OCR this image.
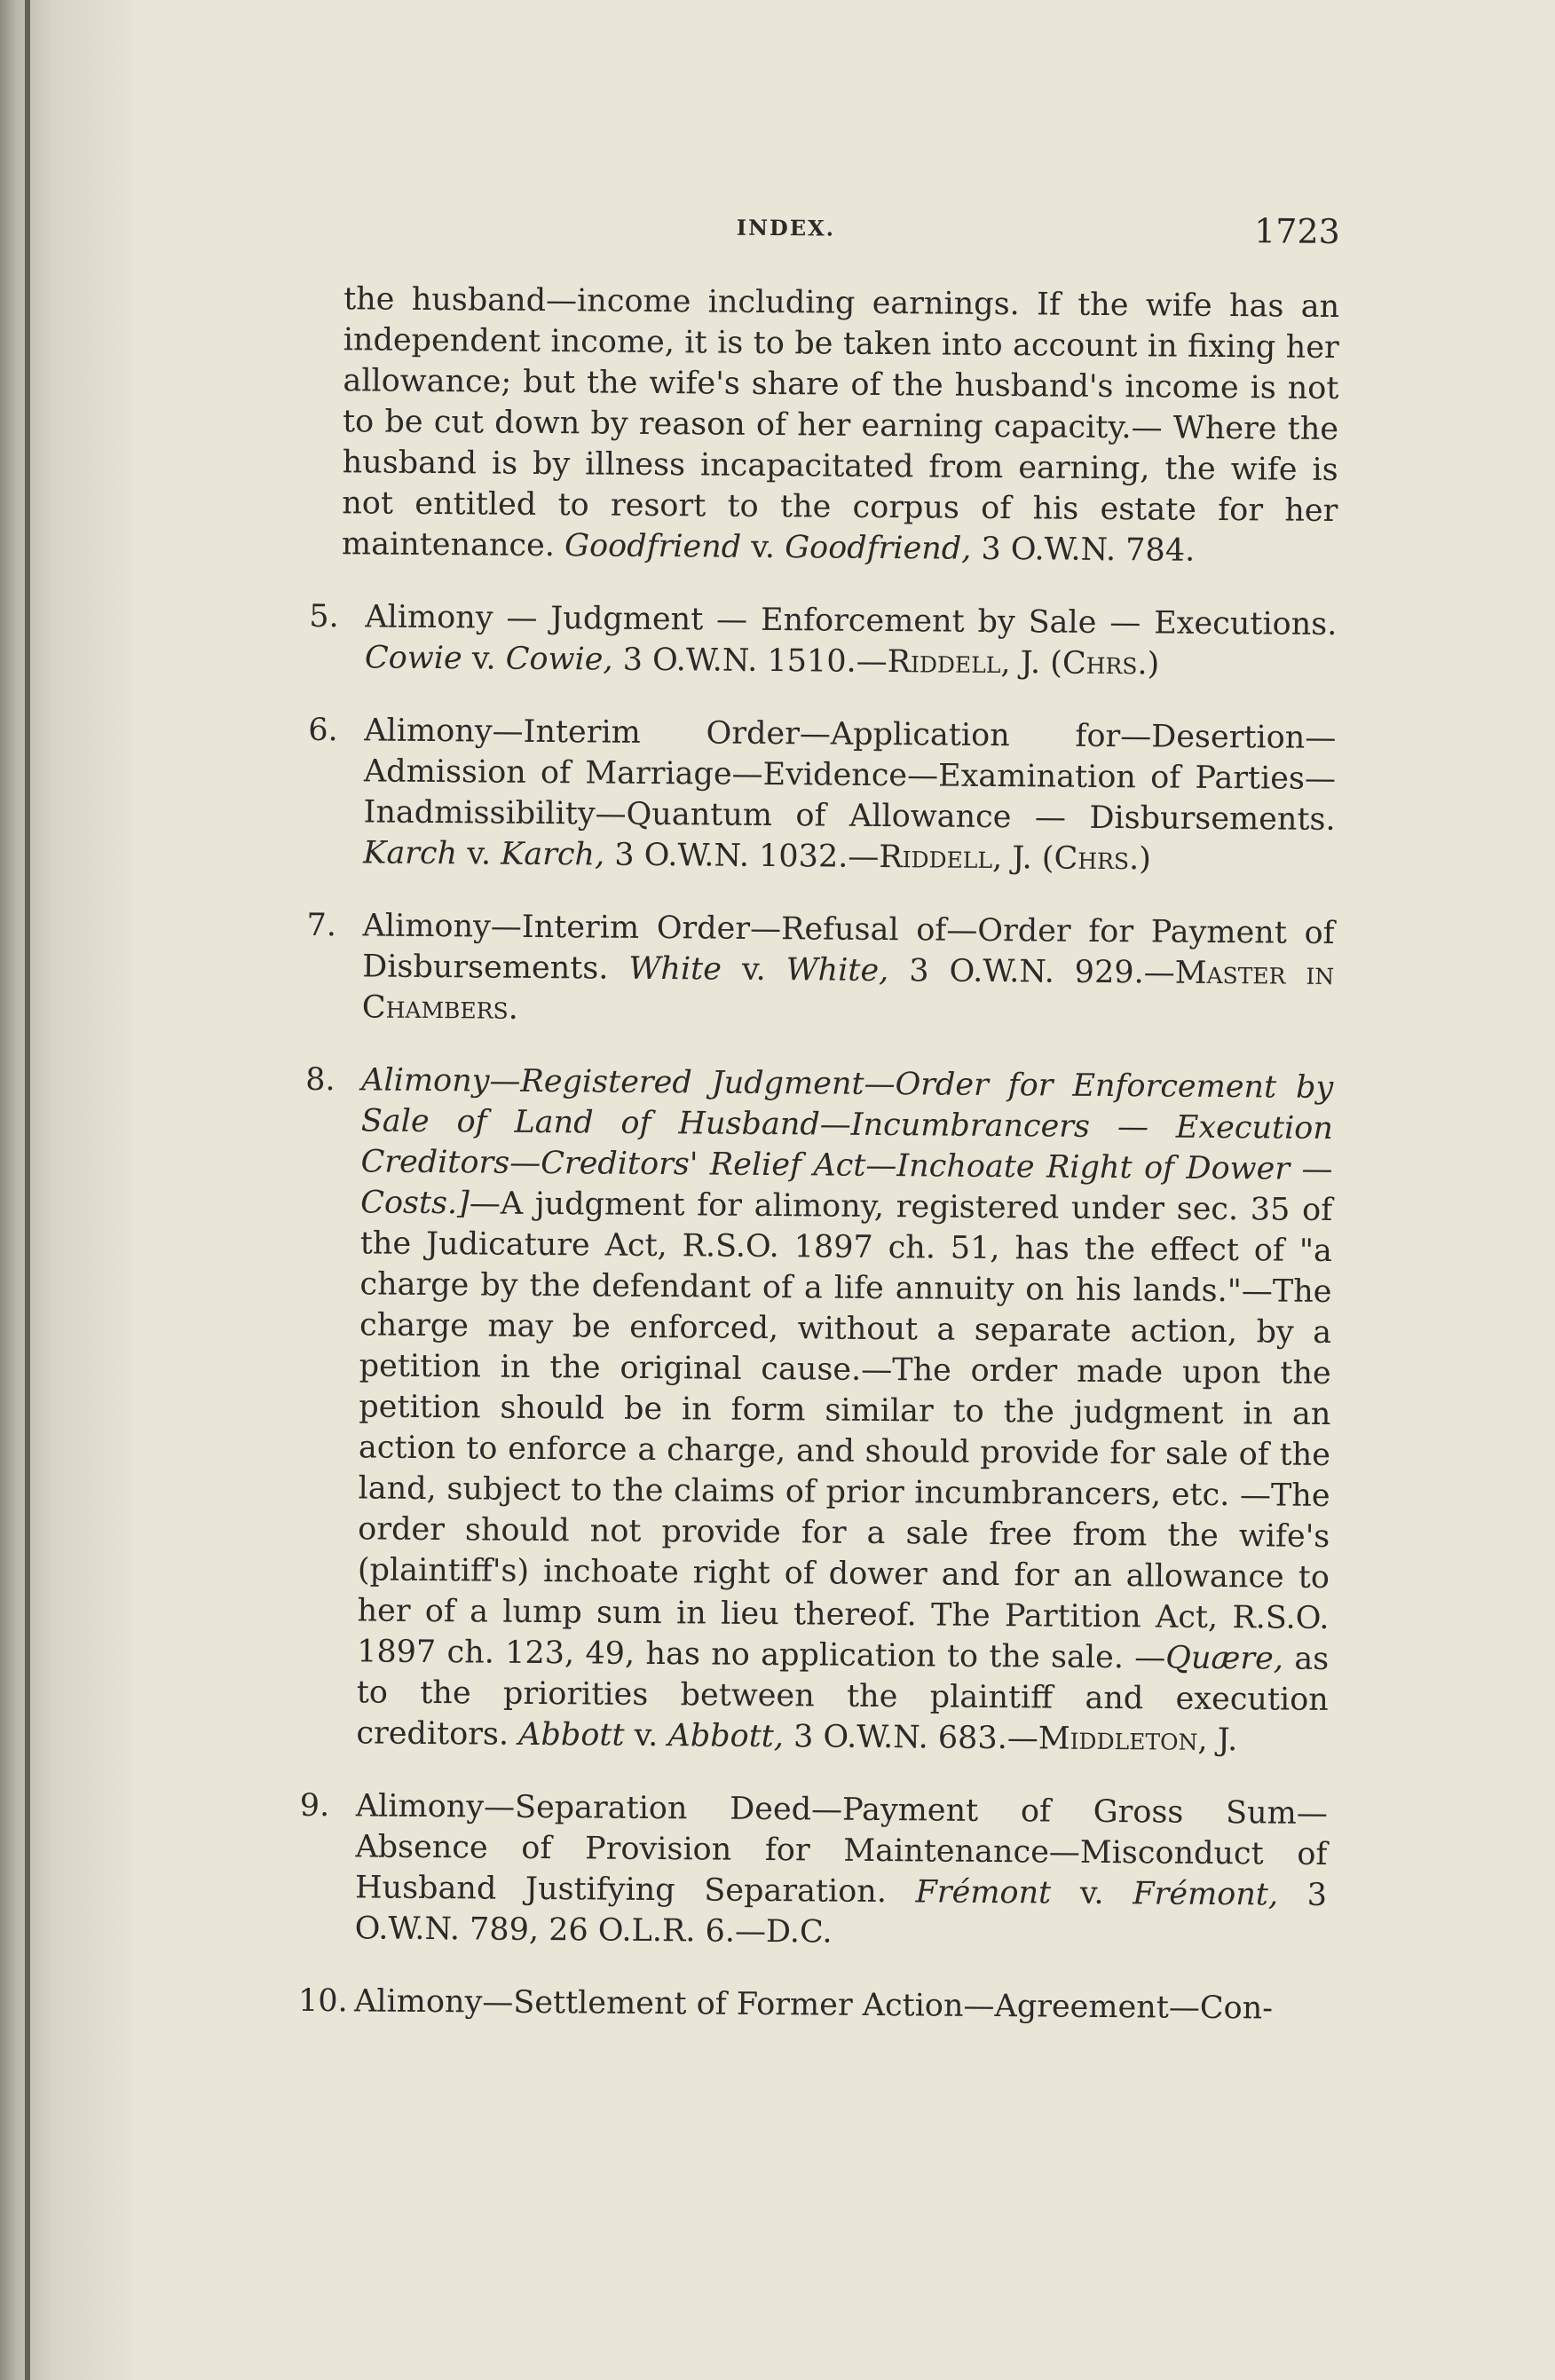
INDEX.	1723

the husband—income including earnings. If the wife has an independent income, it is to be taken into account in fixing her allowance; but the wife's share of the husband's income is not to be cut down by reason of her earning capacity.— Where the husband is by illness incapacitated from earning, the wife is not entitled to resort to the corpus of his estate for her maintenance. Goodfriend v. Goodfriend, 3 O.W.N. 784.

5. Alimony — Judgment — Enforcement by Sale — Executions. Cowie v. Cowie, 3 O.W.N. 1510.—Riddell, J. (Chrs.)

6. Alimony—Interim Order—Application for—Desertion—Admission of Marriage—Evidence—Examination of Parties—Inadmissibility—Quantum of Allowance — Disbursements. Karch v. Karch, 3 O.W.N. 1032.—Riddell, J. (Chrs.)

7. Alimony—Interim Order—Refusal of—Order for Payment of Disbursements. White v. White, 3 O.W.N. 929.—Master in Chambers.

8. Alimony—Registered Judgment—Order for Enforcement by Sale of Land of Husband—Incumbrancers — Execution Creditors—Creditors' Relief Act—Inchoate Right of Dower —Costs.]—A judgment for alimony, registered under sec. 35 of the Judicature Act, R.S.O. 1897 ch. 51, has the effect of "a charge by the defendant of a life annuity on his lands."—The charge may be enforced, without a separate action, by a petition in the original cause.—The order made upon the petition should be in form similar to the judgment in an action to enforce a charge, and should provide for sale of the land, subject to the claims of prior incumbrancers, etc. —The order should not provide for a sale free from the wife's (plaintiff's) inchoate right of dower and for an allowance to her of a lump sum in lieu thereof. The Partition Act, R.S.O. 1897 ch. 123, 49, has no application to the sale. —Quære, as to the priorities between the plaintiff and execution creditors. Abbott v. Abbott, 3 O.W.N. 683.—Middleton, J.

9. Alimony—Separation Deed—Payment of Gross Sum—Absence of Provision for Maintenance—Misconduct of Husband Justifying Separation. Frémont v. Frémont, 3 O.W.N. 789, 26 O.L.R. 6.—D.C.

10. Alimony—Settlement of Former Action—Agreement—Con-
